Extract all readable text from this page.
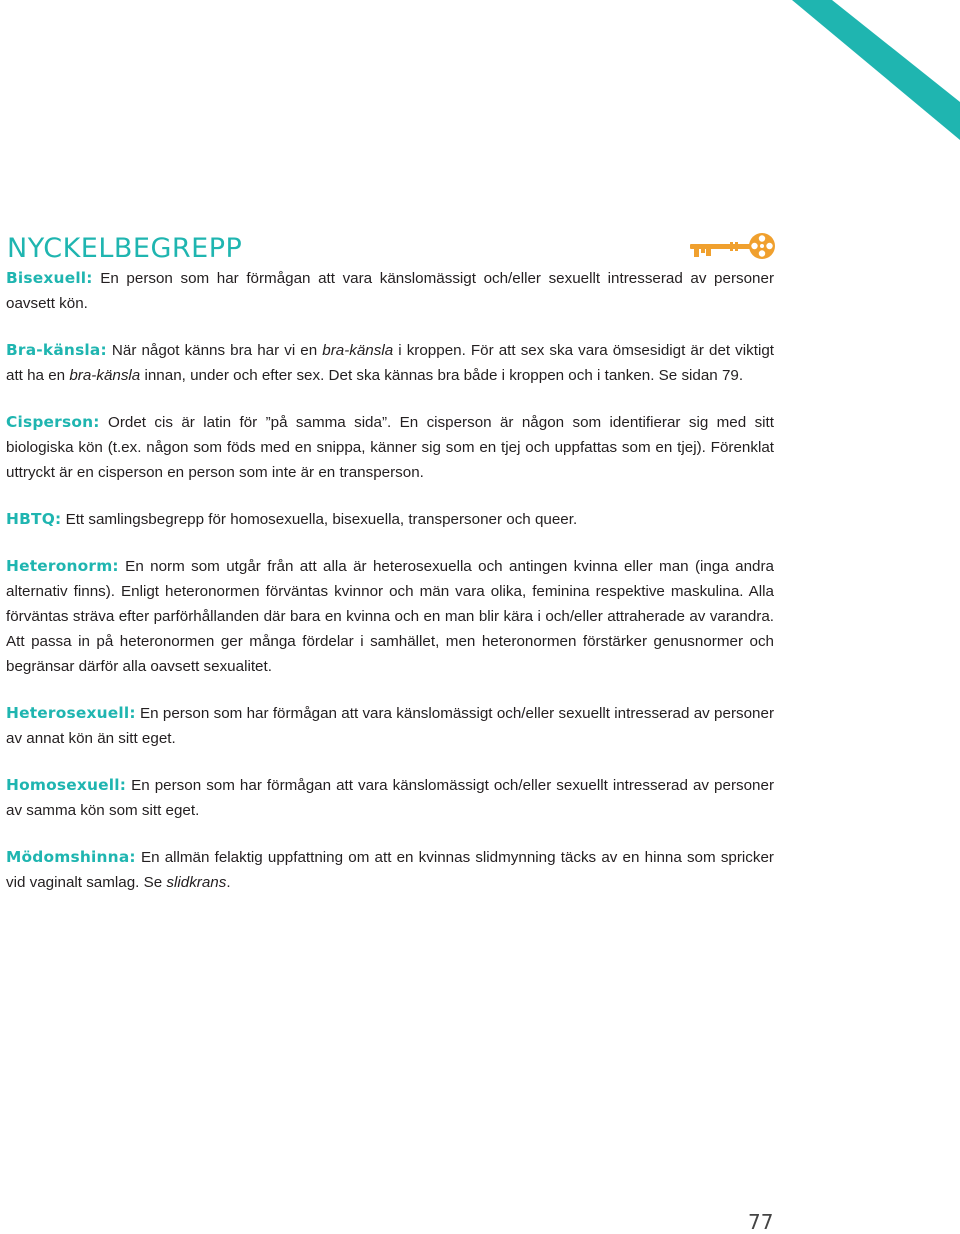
NYCKELBEGREPP

Bisexuell: En person som har förmågan att vara känslomässigt och/eller sexuellt intresserad av personer oavsett kön.

Bra-känsla: När något känns bra har vi en bra-känsla i kroppen. För att sex ska vara ömsesidigt är det viktigt att ha en bra-känsla innan, under och efter sex. Det ska kännas bra både i kroppen och i tanken. Se sidan 79.

Cisperson: Ordet cis är latin för ”på samma sida”. En cisperson är någon som identifierar sig med sitt biologiska kön (t.ex. någon som föds med en snippa, känner sig som en tjej och uppfattas som en tjej). Förenklat uttryckt är en cisperson en person som inte är en transperson.

HBTQ: Ett samlingsbegrepp för homosexuella, bisexuella, transpersoner och queer.

Heteronorm: En norm som utgår från att alla är heterosexuella och antingen kvinna eller man (inga andra alternativ finns). Enligt heteronormen förväntas kvinnor och män vara olika, feminina respektive maskulina. Alla förväntas sträva efter parförhållanden där bara en kvinna och en man blir kära i och/eller attraherade av varandra. Att passa in på heteronormen ger många fördelar i samhället, men heteronormen förstärker genusnormer och begränsar därför alla oavsett sexualitet.

Heterosexuell: En person som har förmågan att vara känslomässigt och/eller sexuellt intresserad av personer av annat kön än sitt eget.

Homosexuell: En person som har förmågan att vara känslomässigt och/eller sexuellt intresserad av personer av samma kön som sitt eget.

Mödomshinna: En allmän felaktig uppfattning om att en kvinnas slidmynning täcks av en hinna som spricker vid vaginalt samlag. Se slidkrans.

77
